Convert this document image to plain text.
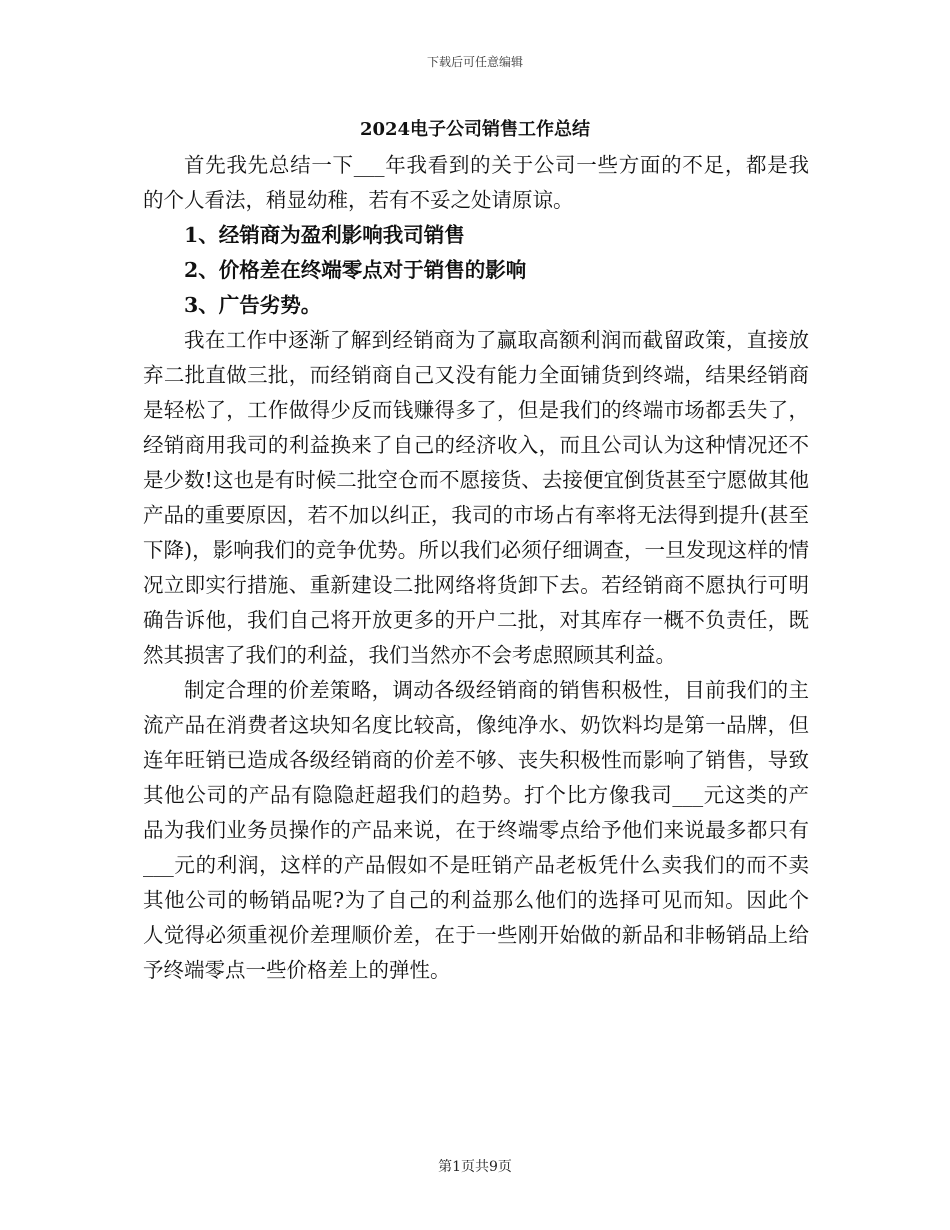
下载后可任意编辑
2024电子公司销售工作总结

首先我先总结一下___年我看到的关于公司一些方面的不足，都是我的个人看法，稍显幼稚，若有不妥之处请原谅。

1、经销商为盈利影响我司销售

2、价格差在终端零点对于销售的影响

3、广告劣势。

我在工作中逐渐了解到经销商为了赢取高额利润而截留政策，直接放弃二批直做三批，而经销商自己又没有能力全面铺货到终端，结果经销商是轻松了，工作做得少反而钱赚得多了，但是我们的终端市场都丢失了，经销商用我司的利益换来了自己的经济收入，而且公司认为这种情况还不是少数!这也是有时候二批空仓而不愿接货、去接便宜倒货甚至宁愿做其他产品的重要原因，若不加以纠正，我司的市场占有率将无法得到提升(甚至下降)，影响我们的竞争优势。所以我们必须仔细调查，一旦发现这样的情况立即实行措施、重新建设二批网络将货卸下去。若经销商不愿执行可明确告诉他，我们自己将开放更多的开户二批，对其库存一概不负责任，既然其损害了我们的利益，我们当然亦不会考虑照顾其利益。

制定合理的价差策略，调动各级经销商的销售积极性，目前我们的主流产品在消费者这块知名度比较高，像纯净水、奶饮料均是第一品牌，但连年旺销已造成各级经销商的价差不够、丧失积极性而影响了销售，导致其他公司的产品有隐隐赶超我们的趋势。打个比方像我司___元这类的产品为我们业务员操作的产品来说，在于终端零点给予他们来说最多都只有___元的利润，这样的产品假如不是旺销产品老板凭什么卖我们的而不卖其他公司的畅销品呢?为了自己的利益那么他们的选择可见而知。因此个人觉得必须重视价差理顺价差，在于一些刚开始做的新品和非畅销品上给予终端零点一些价格差上的弹性。

第1页共9页
